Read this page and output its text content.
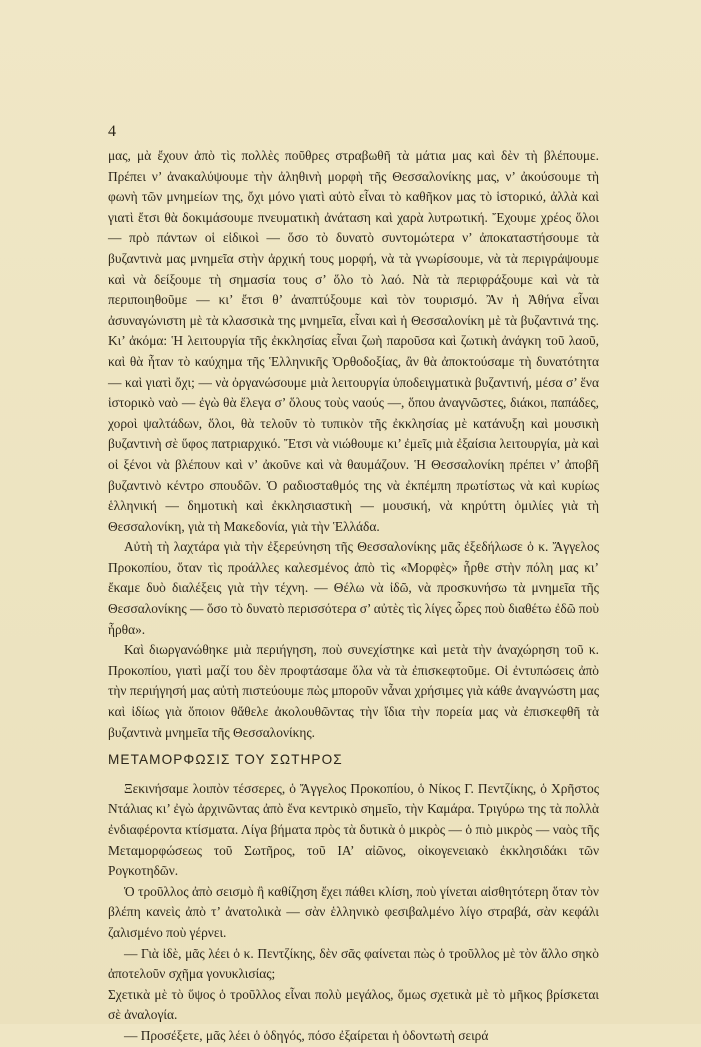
4

μας, μὰ ἔχουν ἀπὸ τὶς πολλὲς ποῦθρες στραβωθῆ τὰ μάτια μας καὶ δὲν τὴ βλέπουμε. Πρέπει ν’ ἀνακαλύψουμε τὴν ἀληθινὴ μορφὴ τῆς Θεσσαλονίκης μας, ν’ ἀκούσουμε τὴ φωνὴ τῶν μνημείων της, ὄχι μόνο γιατὶ αὐτὸ εἶναι τὸ καθῆκον μας τὸ ἱστορικό, ἀλλὰ καὶ γιατὶ ἔτσι θὰ δοκιμάσουμε πνευματικὴ ἀνάταση καὶ χαρὰ λυτρωτική. Ἔχουμε χρέος ὅλοι — πρὸ πάντων οἱ εἰδικοὶ — ὅσο τὸ δυνατὸ συντομώτερα ν’ ἀποκαταστήσουμε τὰ βυζαντινὰ μας μνημεῖα στὴν ἀρχική τους μορφή, νὰ τὰ γνωρίσουμε, νὰ τὰ περιγράψουμε καὶ νὰ δείξουμε τὴ σημασία τους σ’ ὅλο τὸ λαό. Νὰ τὰ περιφράξουμε καὶ νὰ τὰ περιποιηθοῦμε — κι’ ἔτσι θ’ ἀναπτύξουμε καὶ τὸν τουρισμό. Ἂν ἡ Ἀθήνα εἶναι ἀσυναγώνιστη μὲ τὰ κλασσικὰ της μνημεῖα, εἶναι καὶ ἡ Θεσσαλονίκη μὲ τὰ βυζαντινά της. Κι’ ἀκόμα: Ἡ λειτουργία τῆς ἐκκλησίας εἶναι ζωὴ παροῦσα καὶ ζωτικὴ ἀνάγκη τοῦ λαοῦ, καὶ θὰ ἦταν τὸ καύχημα τῆς Ἑλληνικῆς Ὀρθοδοξίας, ἂν θὰ ἀποκτούσαμε τὴ δυνατότητα — καὶ γιατὶ ὄχι; — νὰ ὀργανώσουμε μιὰ λειτουργία ὑποδειγματικὰ βυζαντινή, μέσα σ’ ἕνα ἱστορικὸ ναὸ — ἐγὼ θὰ ἔλεγα σ’ ὅλους τοὺς ναούς —, ὅπου ἀναγνῶστες, διάκοι, παπάδες, χοροὶ ψαλτάδων, ὅλοι, θὰ τελοῦν τὸ τυπικὸν τῆς ἐκκλησίας μὲ κατάνυξη καὶ μουσικὴ βυζαντινὴ σὲ ὕφος πατριαρχικό. Ἔτσι νὰ νιώθουμε κι’ ἐμεῖς μιὰ ἐξαίσια λειτουργία, μὰ καὶ οἱ ξένοι νὰ βλέπουν καὶ ν’ ἀκοῦνε καὶ νὰ θαυμάζουν. Ἡ Θεσσαλονίκη πρέπει ν’ ἀποβῆ βυζαντινὸ κέντρο σπουδῶν. Ὁ ραδιοσταθμός της νὰ ἐκπέμπη πρωτίστως νὰ καὶ κυρίως ἑλληνική — δημοτικὴ καὶ ἐκκλησιαστικὴ — μουσική, νὰ κηρύττη ὁμιλίες γιὰ τὴ Θεσσαλονίκη, γιὰ τὴ Μακεδονία, γιὰ τὴν Ἑλλάδα.

Αὐτὴ τὴ λαχτάρα γιὰ τὴν ἐξερεύνηση τῆς Θεσσαλονίκης μᾶς ἐξεδήλωσε ὁ κ. Ἄγγελος Προκοπίου, ὅταν τὶς προάλλες καλεσμένος ἀπὸ τὶς «Μορφὲς» ἦρθε στὴν πόλη μας κι’ ἔκαμε δυὸ διαλέξεις γιὰ τὴν τέχνη. — Θέλω νὰ ἰδῶ, νὰ προσκυνήσω τὰ μνημεῖα τῆς Θεσσαλονίκης — ὅσο τὸ δυνατὸ περισσότερα σ’ αὐτὲς τὶς λίγες ὧρες ποὺ διαθέτω ἐδῶ ποὺ ἦρθα».

Καὶ διωργανώθηκε μιὰ περιήγηση, ποὺ συνεχίστηκε καὶ μετὰ τὴν ἀναχώρηση τοῦ κ. Προκοπίου, γιατὶ μαζί του δὲν προφτάσαμε ὅλα νὰ τὰ ἐπισκεφτοῦμε. Οἱ ἐντυπώσεις ἀπὸ τὴν περιήγησή μας αὐτὴ πιστεύουμε πὼς μποροῦν νἆναι χρήσιμες γιὰ κάθε ἀναγνώστη μας καὶ ἰδίως γιὰ ὅποιον θἄθελε ἀκολουθῶντας τὴν ἴδια τὴν πορεία μας νὰ ἐπισκεφθῆ τὰ βυζαντινὰ μνημεῖα τῆς Θεσσαλονίκης.

ΜΕΤΑΜΟΡΦΩΣΙΣ ΤΟΥ ΣΩΤΗΡΟΣ

Ξεκινήσαμε λοιπὸν τέσσερες, ὁ Ἄγγελος Προκοπίου, ὁ Νίκος Γ. Πεντζίκης, ὁ Χρῆστος Ντάλιας κι’ ἐγὼ ἀρχινῶντας ἀπὸ ἕνα κεντρικὸ σημεῖο, τὴν Καμάρα. Τριγύρω της τὰ πολλὰ ἐνδιαφέροντα κτίσματα. Λίγα βήματα πρὸς τὰ δυτικὰ ὁ μικρὸς — ὁ πιὸ μικρὸς — ναὸς τῆς Μεταμορφώσεως τοῦ Σωτῆρος, τοῦ ΙΑ’ αἰῶνος, οἰκογενειακὸ ἐκκλησιδάκι τῶν Ρογκοτηδῶν.

Ὁ τροῦλλος ἀπὸ σεισμὸ ἢ καθίζηση ἔχει πάθει κλίση, ποὺ γίνεται αἰσθητότερη ὅταν τὸν βλέπη κανεὶς ἀπὸ τ’ ἀνατολικὰ — σὰν ἑλληνικὸ φεσιβαλμένο λίγο στραβά, σὰν κεφάλι ζαλισμένο ποὺ γέρνει.

— Γιὰ ἰδὲ, μᾶς λέει ὁ κ. Πεντζίκης, δὲν σᾶς φαίνεται πὼς ὁ τροῦλλος μὲ τὸν ἄλλο σηκὸ ἀποτελοῦν σχῆμα γονυκλισίας;

Σχετικὰ μὲ τὸ ὕψος ὁ τροῦλλος εἶναι πολὺ μεγάλος, ὅμως σχετικὰ μὲ τὸ μῆκος βρίσκεται σὲ ἀναλογία.

— Προσέξετε, μᾶς λέει ὁ ὁδηγός, πόσο ἐξαίρεται ἡ ὀδοντωτὴ σειρά
